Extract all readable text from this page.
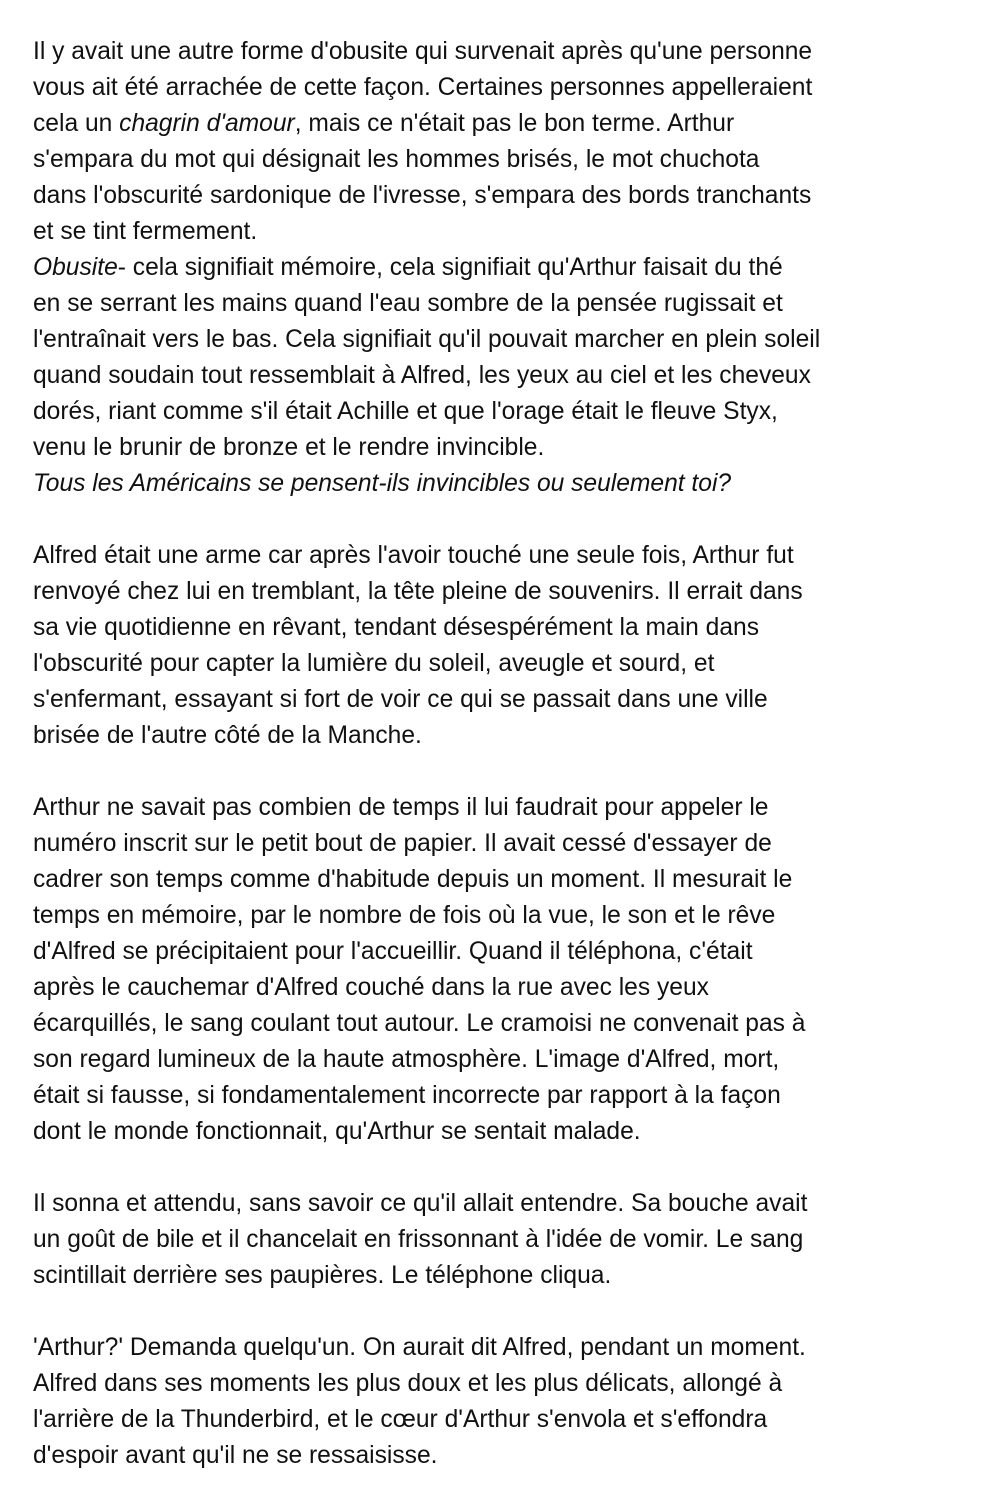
Il y avait une autre forme d'obusite qui survenait après qu'une personne
vous ait été arrachée de cette façon. Certaines personnes appelleraient
cela un chagrin d'amour, mais ce n'était pas le bon terme. Arthur
s'empara du mot qui désignait les hommes brisés, le mot chuchota
dans l'obscurité sardonique de l'ivresse, s'empara des bords tranchants
et se tint fermement.
Obusite- cela signifiait mémoire, cela signifiait qu'Arthur faisait du thé
en se serrant les mains quand l'eau sombre de la pensée rugissait et
l'entraînait vers le bas. Cela signifiait qu'il pouvait marcher en plein soleil
quand soudain tout ressemblait à Alfred, les yeux au ciel et les cheveux
dorés, riant comme s'il était Achille et que l'orage était le fleuve Styx,
venu le brunir de bronze et le rendre invincible.
Tous les Américains se pensent-ils invincibles ou seulement toi?
Alfred était une arme car après l'avoir touché une seule fois, Arthur fut
renvoyé chez lui en tremblant, la tête pleine de souvenirs. Il errait dans
sa vie quotidienne en rêvant, tendant désespérément la main dans
l'obscurité pour capter la lumière du soleil, aveugle et sourd, et
s'enfermant, essayant si fort de voir ce qui se passait dans une ville
brisée de l'autre côté de la Manche.
Arthur ne savait pas combien de temps il lui faudrait pour appeler le
numéro inscrit sur le petit bout de papier. Il avait cessé d'essayer de
cadrer son temps comme d'habitude depuis un moment. Il mesurait le
temps en mémoire, par le nombre de fois où la vue, le son et le rêve
d'Alfred se précipitaient pour l'accueillir. Quand il téléphona, c'était
après le cauchemar d'Alfred couché dans la rue avec les yeux
écarquillés, le sang coulant tout autour. Le cramoisi ne convenait pas à
son regard lumineux de la haute atmosphère. L'image d'Alfred, mort,
était si fausse, si fondamentalement incorrecte par rapport à la façon
dont le monde fonctionnait, qu'Arthur se sentait malade.
Il sonna et attendu, sans savoir ce qu'il allait entendre. Sa bouche avait
un goût de bile et il chancelait en frissonnant à l'idée de vomir. Le sang
scintillait derrière ses paupières. Le téléphone cliqua.
'Arthur?' Demanda quelqu'un. On aurait dit Alfred, pendant un moment.
Alfred dans ses moments les plus doux et les plus délicats, allongé à
l'arrière de la Thunderbird, et le cœur d'Arthur s'envola et s'effondra
d'espoir avant qu'il ne se ressaisisse.
